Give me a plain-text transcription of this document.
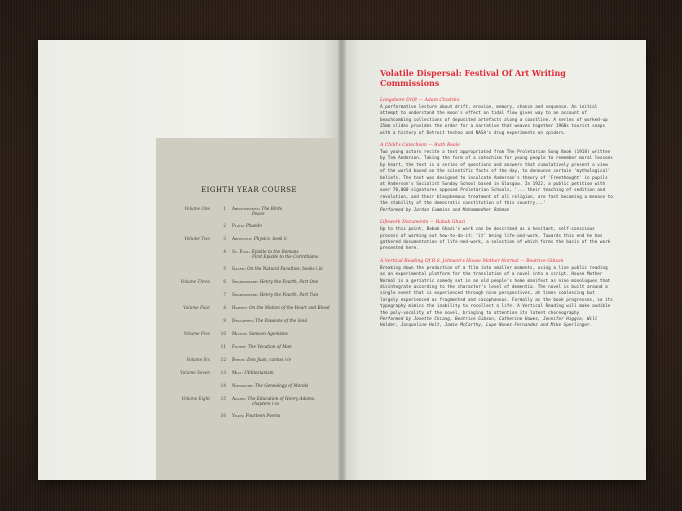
EIGHTH YEAR COURSE
Volume One	1 Aristophanes: The Birds
Peace
2 Plato: Phaedo
Volume Two	3 Aristotle: Physics, book ii
4 St. Paul: Epistle to the Romans
First Epistle to the Corinthians
5 Galen: On the Natural Faculties, books i,iii
Volume Three	6 Shakespeare: Henry the Fourth, Part One
7 Shakespeare: Henry the Fourth, Part Two
Volume Four	8 Harvey: On the Motion of the Heart and Blood
9 Descartes: The Passions of the Soul
Volume Five	10 Milton: Samson Agonistes
11 Fichte: The Vocation of Man
Volume Six	12 Byron: Don Juan, cantos i-iv
Volume Seven	13 Mill: Utilitarianism
14 Nietzsche: The Genealogy of Morals
Volume Eight	15 Adams: The Education of Henry Adams,
chapters i-xv
16 Yeats: Fourteen Poems
Volatile Dispersal: Festival Of Art Writing Commissions
Longshore Drift — Adam Chodzko
A performative lecture about drift, erosion, memory, chance and sequence. An initial attempt to understand the moon's effect on tidal flow gives way to an account of beachcombing collections of deposited artefacts along a coastline. A series of worked-up 35mm slides provides the order for a narrative that weaves together 1960s tourist snaps with a history of Detroit techno and NASA's drug experiments on spiders.
A Child's Catechism — Ruth Beale
Two young actors recite a text appropriated from The Proletarian Song Book (1918) written by Tom Anderson. Taking the form of a catechism for young people to remember moral lessons by heart, the text is a series of questions and answers that cumulatively present a view of the world based on the scientific facts of the day, to denounce certain 'mythological' beliefs. The text was designed to inculcate Anderson's theory of 'Freethought' in pupils at Anderson's Socialist Sunday School based in Glasgow. In 1922, a public petition with over 70,000 signatures opposed Proletarian Schools, '... their teaching of sedition and revolution, and their blasphemous treatment of all religion, are fast becoming a menace to the stability of the democratic constitution of this country...'
Performed by Jordan Cummins and Mohammedher Rahman
Lifework Documents — Babak Ghazi
Up to this point, Babak Ghazi's work can be described as a hesitant, self-conscious process of working out how-to-do-it: 'it' being life-and-work. Towards this end he has gathered documentation of life-and-work, a selection of which forms the basis of the work presented here.
A Vertical Reading Of B.S. Johnson's House Mother Normal — Beatrice Gibson
Breaking down the production of a film into smaller moments, using a live public reading as an experimental platform for the translation of a novel into a script. House Mother Normal is a geriatric comedy set in an old people's home manifest as nine monologues that disintegrate according to the character's level of dementia. The novel is built around a single event that is experienced through nine perspectives, at times coalescing but largely experienced as fragmented and cacophonous. Formally as the book progresses, so its typography mimics the inability to recollect a life. A Vertical Reading will make audible the poly-vocality of the novel, bringing to attention its latent choreography
Performed by Josette Chiang, Beatrice Gibson, Catherine Hawes, Jennifer Higgie, Will Holder, Jacqueline Holt, Jamie McCarthy, Lupe Nunez-Fernandez and Mike Sperlinger.
